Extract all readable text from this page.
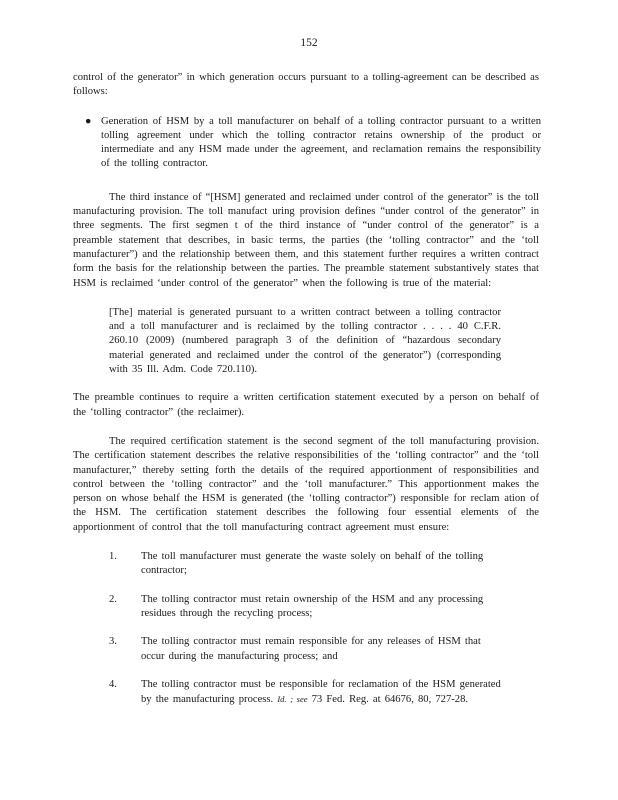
152

control of the generator” in which generation occurs pursuant to a tolling-agreement can be described as follows:

● Generation of HSM by a toll manufacturer on behalf of a tolling contractor pursuant to a written tolling agreement under which the tolling contractor retains ownership of the product or intermediate and any HSM made under the agreement, and reclamation remains the responsibility of the tolling contractor.

The third instance of “[HSM] generated and reclaimed under control of the generator” is the toll manufacturing provision. The toll manufact uring provision defines “under control of the generator” in three segments. The first segmen t of the third instance of “under control of the generator” is a preamble statement that describes, in basic terms, the parties (the ‘tolling contractor” and the ‘toll manufacturer”) and the relationship between them, and this statement further requires a written contract form the basis for the relationship between the parties. The preamble statement substantively states that HSM is reclaimed ‘under control of the generator” when the following is true of the material:

[The] material is generated pursuant to a written contract between a tolling contractor and a toll manufacturer and is reclaimed by the tolling contractor . . . . 40 C.F.R. 260.10 (2009) (numbered paragraph 3 of the definition of “hazardous secondary material generated and reclaimed under the control of the generator”) (corresponding with 35 Ill. Adm. Code 720.110).

The preamble continues to require a written certification statement executed by a person on behalf of the ‘tolling contractor” (the reclaimer).

The required certification statement is the second segment of the toll manufacturing provision. The certification statement describes the relative responsibilities of the ‘tolling contractor” and the ‘toll manufacturer,” thereby setting forth the details of the required apportionment of responsibilities and control between the ‘tolling contractor” and the ‘toll manufacturer.” This apportionment makes the person on whose behalf the HSM is generated (the ‘tolling contractor”) responsible for reclam ation of the HSM. The certification statement describes the following four essential elements of the apportionment of control that the toll manufacturing contract agreement must ensure:

1. The toll manufacturer must generate the waste solely on behalf of the tolling contractor;
2. The tolling contractor must retain ownership of the HSM and any processing residues through the recycling process;
3. The tolling contractor must remain responsible for any releases of HSM that occur during the manufacturing process; and
4. The tolling contractor must be responsible for reclamation of the HSM generated by the manufacturing process. Id. ; see 73 Fed. Reg. at 64676, 80, 727-28.
